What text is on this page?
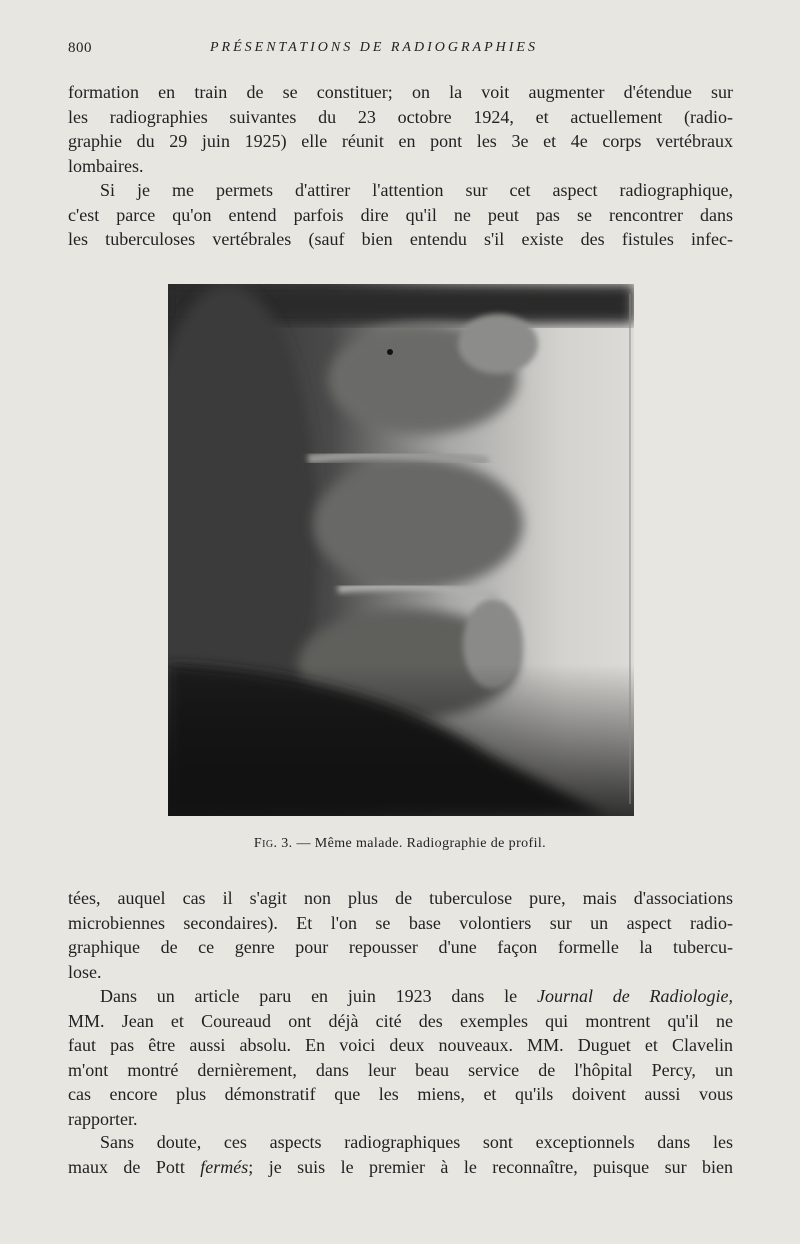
800	PRÉSENTATIONS DE RADIOGRAPHIES
formation en train de se constituer; on la voit augmenter d'étendue sur
les radiographies suivantes du 23 octobre 1924, et actuellement (radio-
graphie du 29 juin 1925) elle réunit en pont les 3e et 4e corps vertébraux
lombaires.
Si je me permets d'attirer l'attention sur cet aspect radiographique,
c'est parce qu'on entend parfois dire qu'il ne peut pas se rencontrer dans
les tuberculoses vertébrales (sauf bien entendu s'il existe des fistules infec-
Fig. 3. — Même malade. Radiographie de profil.
tées, auquel cas il s'agit non plus de tuberculose pure, mais d'associations
microbiennes secondaires). Et l'on se base volontiers sur un aspect radio-
graphique de ce genre pour repousser d'une façon formelle la tubercu-
lose.
Dans un article paru en juin 1923 dans le Journal de Radiologie,
MM. Jean et Coureaud ont déjà cité des exemples qui montrent qu'il ne
faut pas être aussi absolu. En voici deux nouveaux. MM. Duguet et Clavelin
m'ont montré dernièrement, dans leur beau service de l'hôpital Percy, un
cas encore plus démonstratif que les miens, et qu'ils doivent aussi vous
rapporter.
Sans doute, ces aspects radiographiques sont exceptionnels dans les
maux de Pott fermés; je suis le premier à le reconnaître, puisque sur bien
